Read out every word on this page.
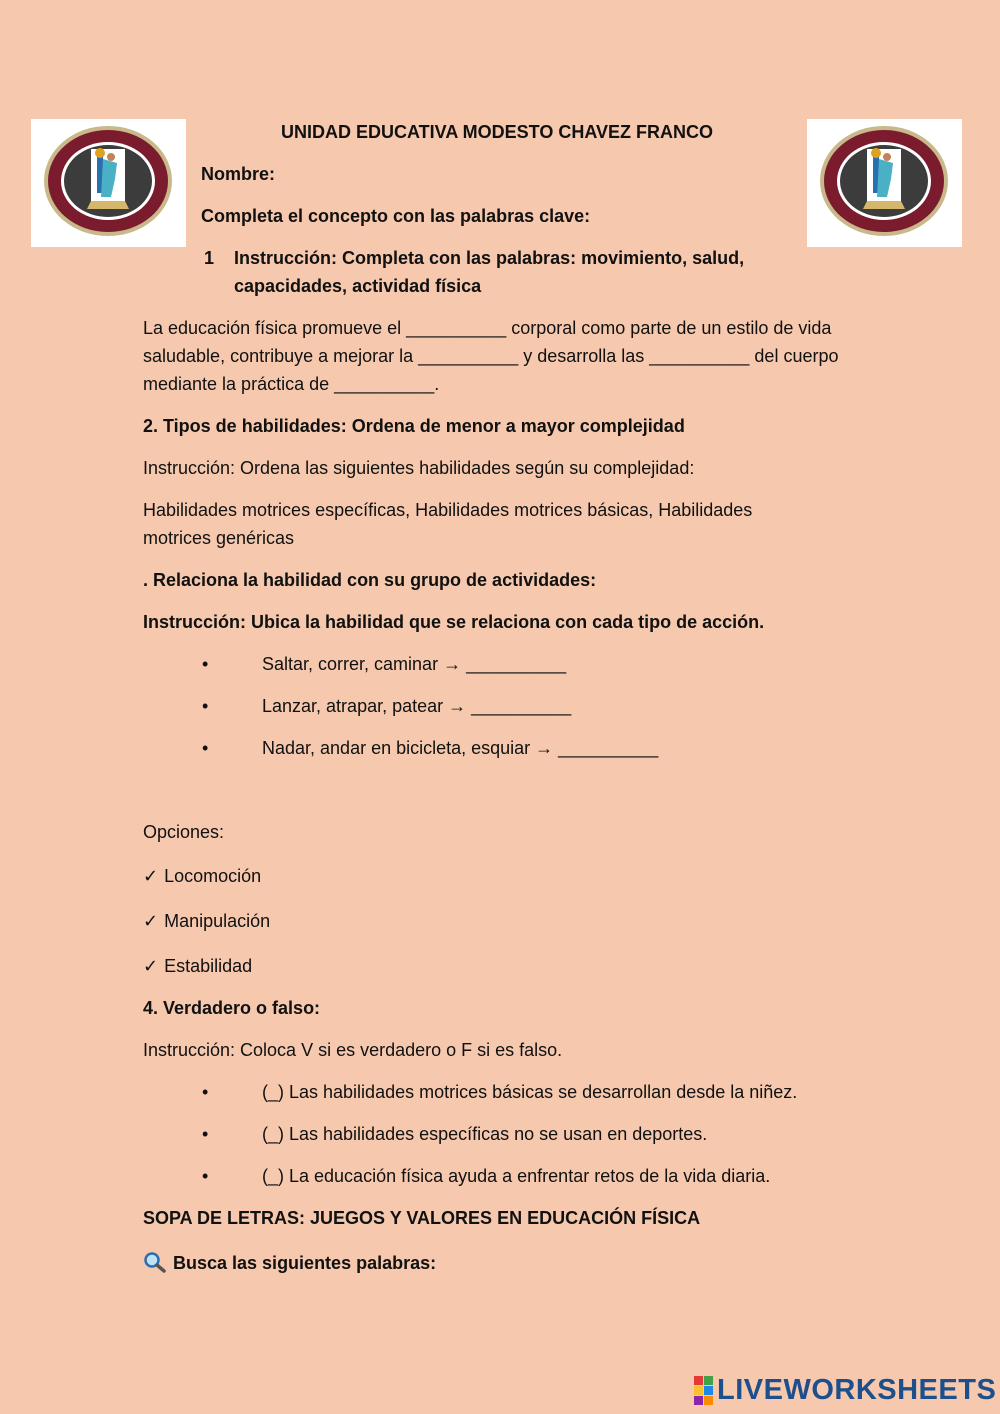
UNIDAD EDUCATIVA MODESTO CHAVEZ FRANCO
Nombre:
Completa el concepto con las palabras clave:
1 Instrucción: Completa con las palabras: movimiento, salud,
capacidades, actividad física
La educación física promueve el __________ corporal como parte de un estilo de vida
saludable, contribuye a mejorar la __________ y desarrolla las __________ del cuerpo
mediante la práctica de __________.
2. Tipos de habilidades: Ordena de menor a mayor complejidad
Instrucción: Ordena las siguientes habilidades según su complejidad:
Habilidades motrices específicas, Habilidades motrices básicas, Habilidades
motrices genéricas
. Relaciona la habilidad con su grupo de actividades:
Instrucción: Ubica la habilidad que se relaciona con cada tipo de acción.
•	Saltar, correr, caminar → __________
•	Lanzar, atrapar, patear → __________
•	Nadar, andar en bicicleta, esquiar → __________
Opciones:
✓ Locomoción
✓ Manipulación
✓ Estabilidad
4. Verdadero o falso:
Instrucción: Coloca V si es verdadero o F si es falso.
•	(_) Las habilidades motrices básicas se desarrollan desde la niñez.
•	(_) Las habilidades específicas no se usan en deportes.
•	(_) La educación física ayuda a enfrentar retos de la vida diaria.
SOPA DE LETRAS: JUEGOS Y VALORES EN EDUCACIÓN FÍSICA
Busca las siguientes palabras:
LIVEWORKSHEETS
